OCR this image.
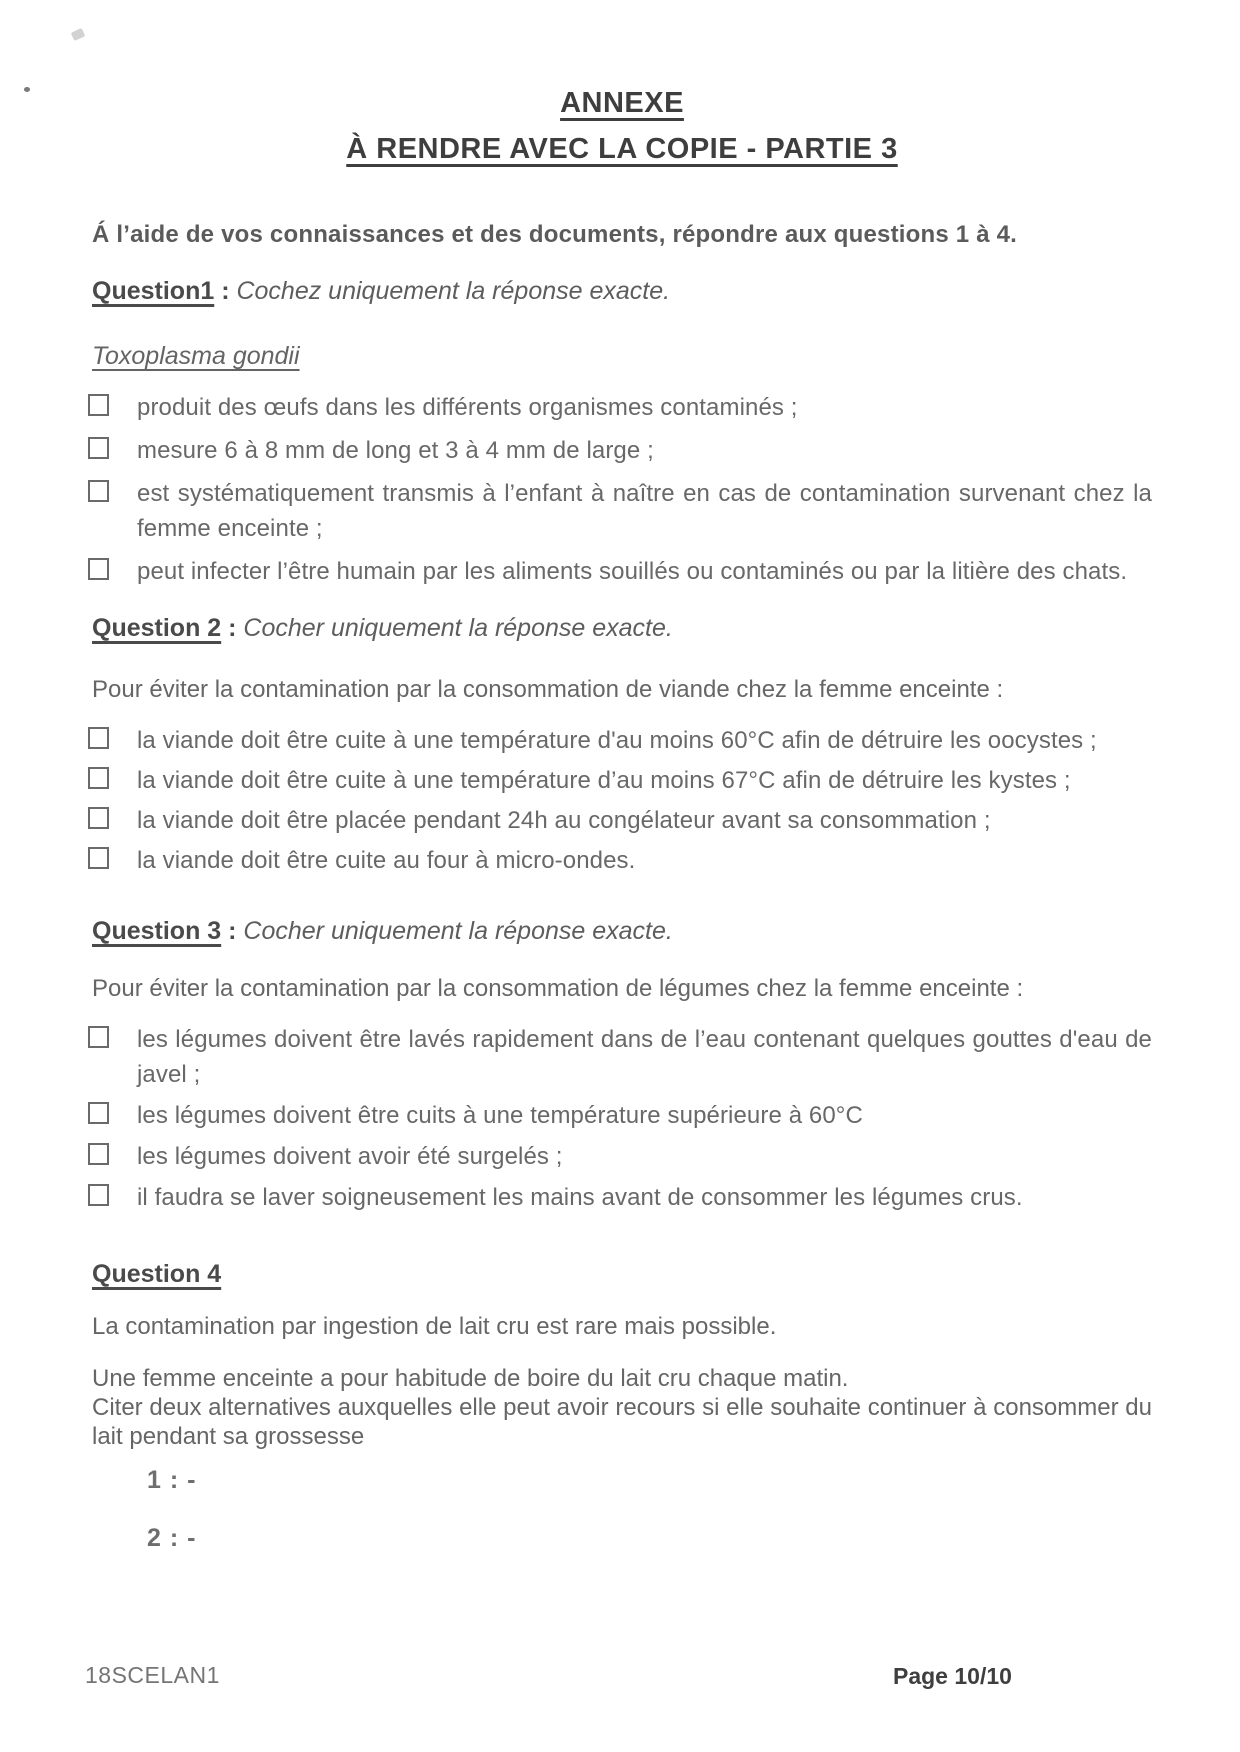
ANNEXE
À RENDRE AVEC LA COPIE - PARTIE 3
Á l’aide de vos connaissances et des documents, répondre aux questions 1 à 4.
Question1 : Cochez uniquement la réponse exacte.
Toxoplasma gondii
produit des œufs dans les différents organismes contaminés ;
mesure 6 à 8 mm de long et 3 à 4 mm de large ;
est systématiquement transmis à l’enfant à naître en cas de contamination survenant chez la femme enceinte ;
peut infecter l’être humain par les aliments souillés ou contaminés ou par la litière des chats.
Question 2 : Cocher uniquement la réponse exacte.
Pour éviter la contamination par la consommation de viande chez la femme enceinte :
la viande doit être cuite à une température d'au moins 60°C afin de détruire les oocystes ;
la viande doit être cuite à une température d’au moins 67°C afin de détruire les kystes ;
la viande doit être placée pendant 24h au congélateur avant sa consommation ;
la viande doit être cuite au four à micro-ondes.
Question 3 : Cocher uniquement la réponse exacte.
Pour éviter la contamination par la consommation de légumes chez la femme enceinte :
les légumes doivent être lavés rapidement dans de l’eau contenant quelques gouttes d'eau de javel ;
les légumes doivent être cuits à une température supérieure à 60°C
les légumes doivent avoir été surgelés ;
il faudra se laver soigneusement les mains avant de consommer les légumes crus.
Question 4
La contamination par ingestion de lait cru est rare mais possible.
Une femme enceinte a pour habitude de boire du lait cru chaque matin.
Citer deux alternatives auxquelles elle peut avoir recours si elle souhaite continuer à consommer du lait pendant sa grossesse
1 : -
2 : -
18SCELAN1	Page 10/10
